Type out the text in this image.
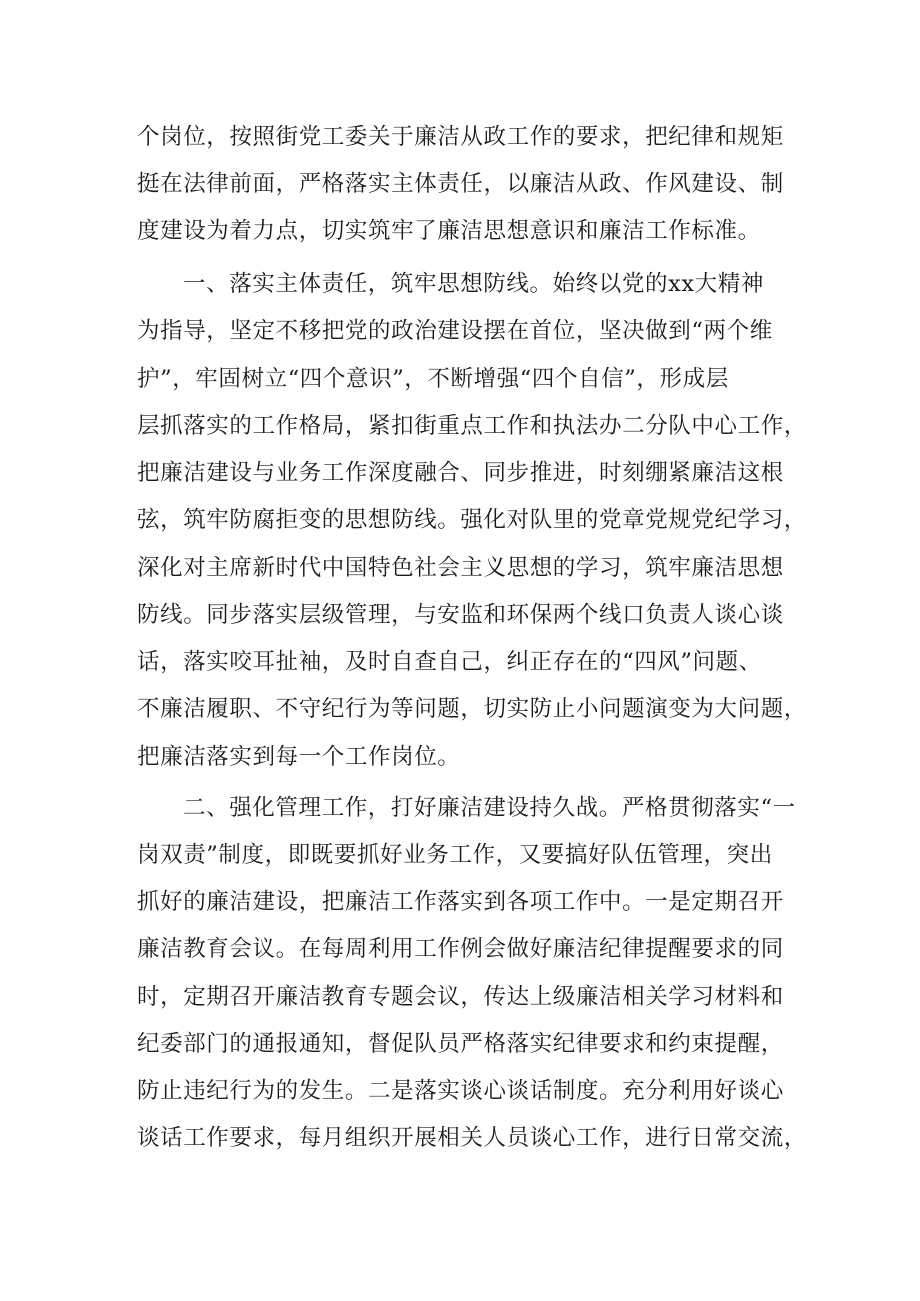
个岗位，按照街党工委关于廉洁从政工作的要求，把纪律和规矩
挺在法律前面，严格落实主体责任，以廉洁从政、作风建设、制
度建设为着力点，切实筑牢了廉洁思想意识和廉洁工作标准。
一、落实主体责任，筑牢思想防线。始终以党的xx大精神
为指导，坚定不移把党的政治建设摆在首位，坚决做到“两个维
护”，牢固树立“四个意识”，不断增强“四个自信”，形成层
层抓落实的工作格局，紧扣街重点工作和执法办二分队中心工作，
把廉洁建设与业务工作深度融合、同步推进，时刻绷紧廉洁这根
弦，筑牢防腐拒变的思想防线。强化对队里的党章党规党纪学习，
深化对主席新时代中国特色社会主义思想的学习，筑牢廉洁思想
防线。同步落实层级管理，与安监和环保两个线口负责人谈心谈
话，落实咬耳扯袖，及时自查自己，纠正存在的“四风”问题、
不廉洁履职、不守纪行为等问题，切实防止小问题演变为大问题，
把廉洁落实到每一个工作岗位。
二、强化管理工作，打好廉洁建设持久战。严格贯彻落实“一
岗双责”制度，即既要抓好业务工作，又要搞好队伍管理，突出
抓好的廉洁建设，把廉洁工作落实到各项工作中。一是定期召开
廉洁教育会议。在每周利用工作例会做好廉洁纪律提醒要求的同
时，定期召开廉洁教育专题会议，传达上级廉洁相关学习材料和
纪委部门的通报通知，督促队员严格落实纪律要求和约束提醒，
防止违纪行为的发生。二是落实谈心谈话制度。充分利用好谈心
谈话工作要求，每月组织开展相关人员谈心工作，进行日常交流，
